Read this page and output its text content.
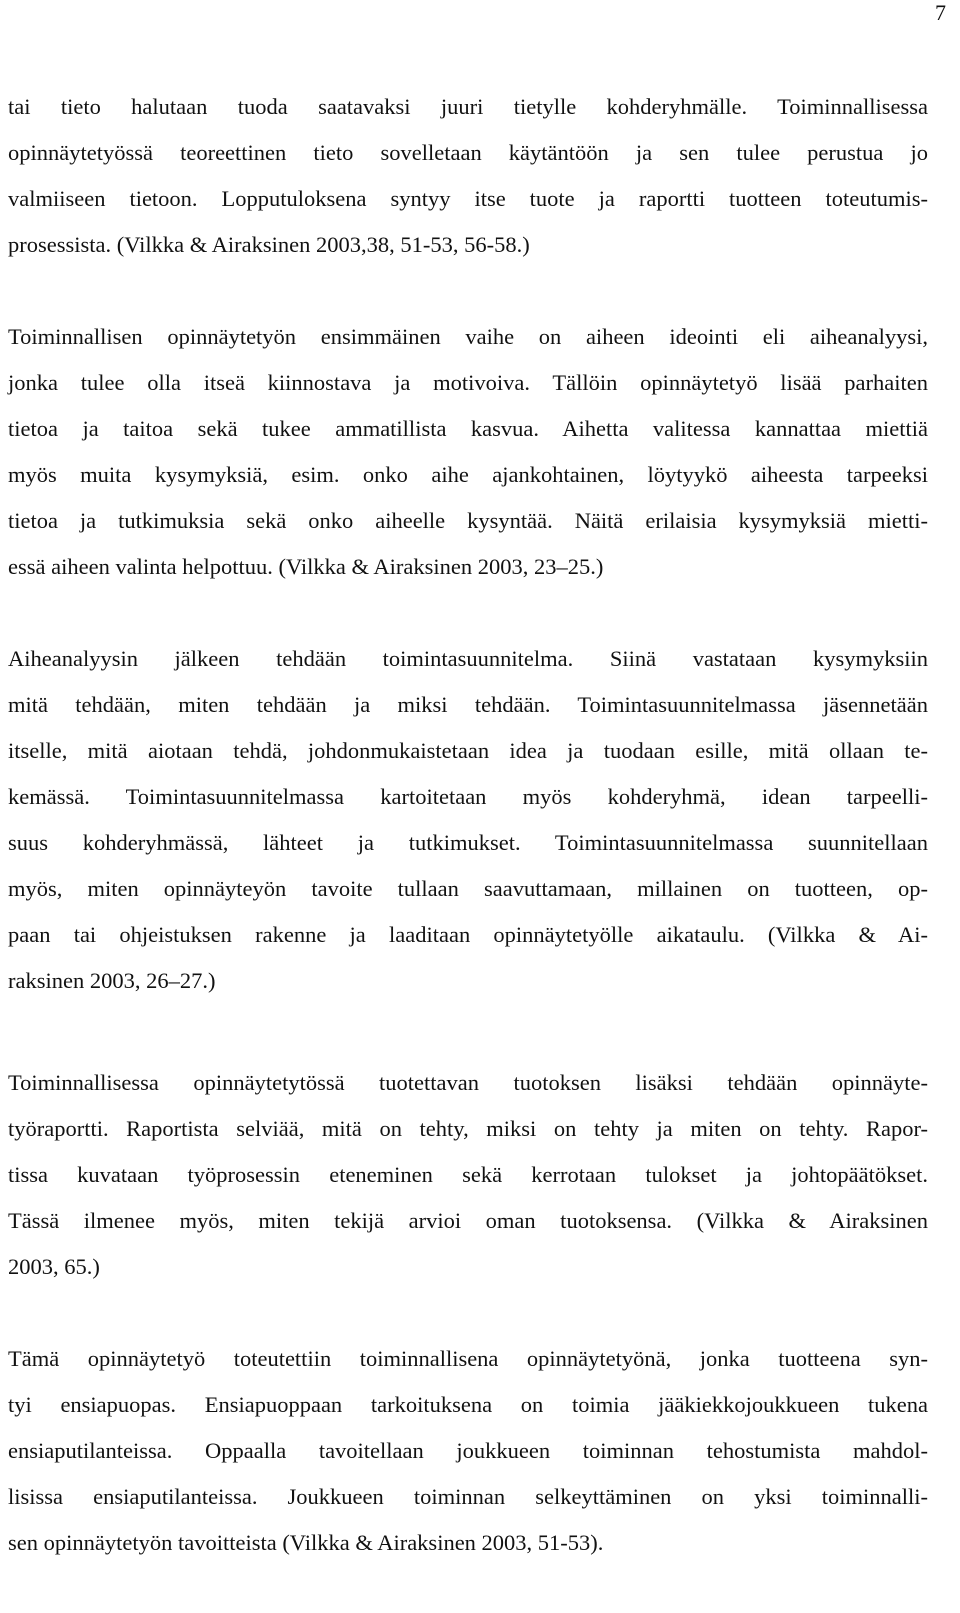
7
tai tieto halutaan tuoda saatavaksi juuri tietylle kohderyhmälle. Toiminnallisessa
opinnäytetyössä teoreettinen tieto sovelletaan käytäntöön ja sen tulee perustua jo
valmiiseen tietoon. Lopputuloksena syntyy itse tuote ja raportti tuotteen toteutumis-
prosessista. (Vilkka & Airaksinen 2003,38, 51-53, 56-58.)
Toiminnallisen opinnäytetyön ensimmäinen vaihe on aiheen ideointi eli aiheanalyysi,
jonka tulee olla itseä kiinnostava ja motivoiva. Tällöin opinnäytetyö lisää parhaiten
tietoa ja taitoa sekä tukee ammatillista kasvua. Aihetta valitessa kannattaa miettiä
myös muita kysymyksiä, esim. onko aihe ajankohtainen, löytyykö aiheesta tarpeeksi
tietoa ja tutkimuksia sekä onko aiheelle kysyntää. Näitä erilaisia kysymyksiä mietti-
essä aiheen valinta helpottuu. (Vilkka & Airaksinen 2003, 23–25.)
Aiheanalyysin jälkeen tehdään toimintasuunnitelma. Siinä vastataan kysymyksiin
mitä tehdään, miten tehdään ja miksi tehdään. Toimintasuunnitelmassa jäsennetään
itselle, mitä aiotaan tehdä, johdonmukaistetaan idea ja tuodaan esille, mitä ollaan te-
kemässä. Toimintasuunnitelmassa kartoitetaan myös kohderyhmä, idean tarpeelli-
suus kohderyhmässä, lähteet ja tutkimukset. Toimintasuunnitelmassa suunnitellaan
myös, miten opinnäyteyön tavoite tullaan saavuttamaan, millainen on tuotteen, op-
paan tai ohjeistuksen rakenne ja laaditaan opinnäytetyölle aikataulu. (Vilkka & Ai-
raksinen 2003, 26–27.)
Toiminnallisessa opinnäytetytössä tuotettavan tuotoksen lisäksi tehdään opinnäyte-
työraportti. Raportista selviää, mitä on tehty, miksi on tehty ja miten on tehty. Rapor-
tissa kuvataan työprosessin eteneminen sekä kerrotaan tulokset ja johtopäätökset.
Tässä ilmenee myös, miten tekijä arvioi oman tuotoksensa. (Vilkka & Airaksinen
2003, 65.)
Tämä opinnäytetyö toteutettiin toiminnallisena opinnäytetyönä, jonka tuotteena syn-
tyi ensiapuopas. Ensiapuoppaan tarkoituksena on toimia jääkiekkojoukkueen tukena
ensiaputilanteissa. Oppaalla tavoitellaan joukkueen toiminnan tehostumista mahdol-
lisissa ensiaputilanteissa. Joukkueen toiminnan selkeyttäminen on yksi toiminnalli-
sen opinnäytetyön tavoitteista (Vilkka & Airaksinen 2003, 51-53).
